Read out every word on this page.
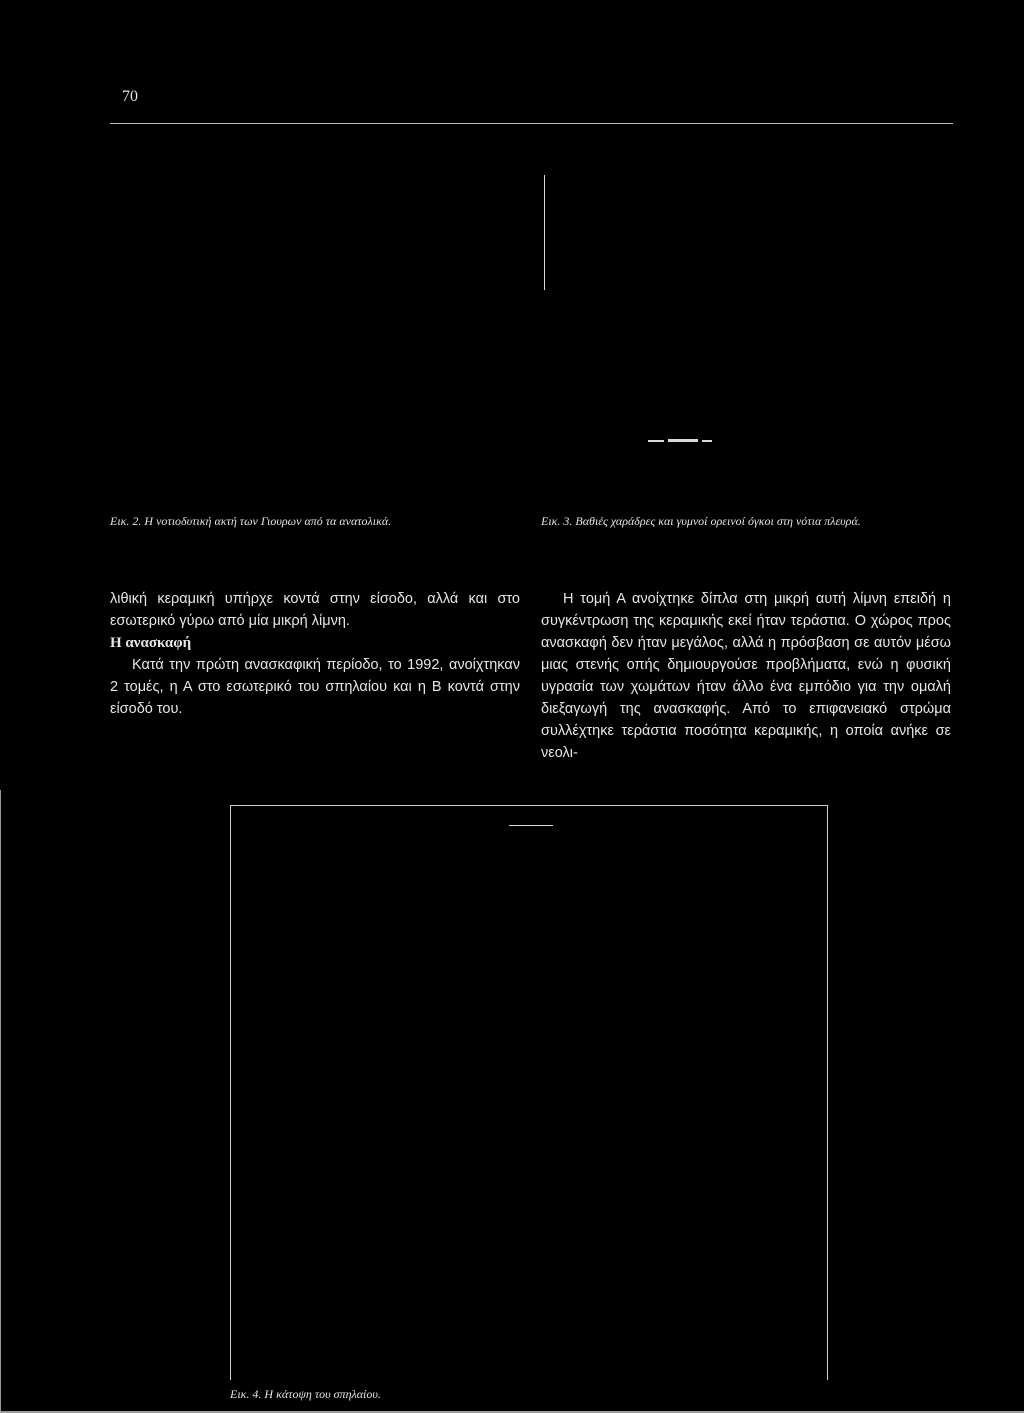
70
Εικ. 2. Η νοτιοδυτική ακτή των Γιουρων από τα ανατολικά.	Εικ. 3. Βαθιές χαράδρες και γυμνοί ορεινοί όγκοι στη νότια πλευρά.

λιθική κεραμική υπήρχε κοντά στην είσοδο, αλλά και στο εσωτερικό γύρω από μία μικρή λίμνη.

Η ανασκαφή

Κατά την πρώτη ανασκαφική περίοδο, το 1992, ανοίχτηκαν 2 τομές, η Α στο εσωτερικό του σπηλαίου και η Β κοντά στην είσοδό του.

Η τομή Α ανοίχτηκε δίπλα στη μικρή αυτή λίμνη επειδή η συγκέντρωση της κεραμικής εκεί ήταν τεράστια. Ο χώρος προς ανασκαφή δεν ήταν μεγάλος, αλλά η πρόσβαση σε αυτόν μέσω μιας στενής οπής δημιουργούσε προβλήματα, ενώ η φυσική υγρασία των χωμάτων ήταν άλλο ένα εμπόδιο για την ομαλή διεξαγωγή της ανασκαφής. Από το επιφανειακό στρώμα συλλέχτηκε τεράστια ποσότητα κεραμικής, η οποία ανήκε σε νεολι-

Εικ. 4. Η κάτοψη του σπηλαίου.
